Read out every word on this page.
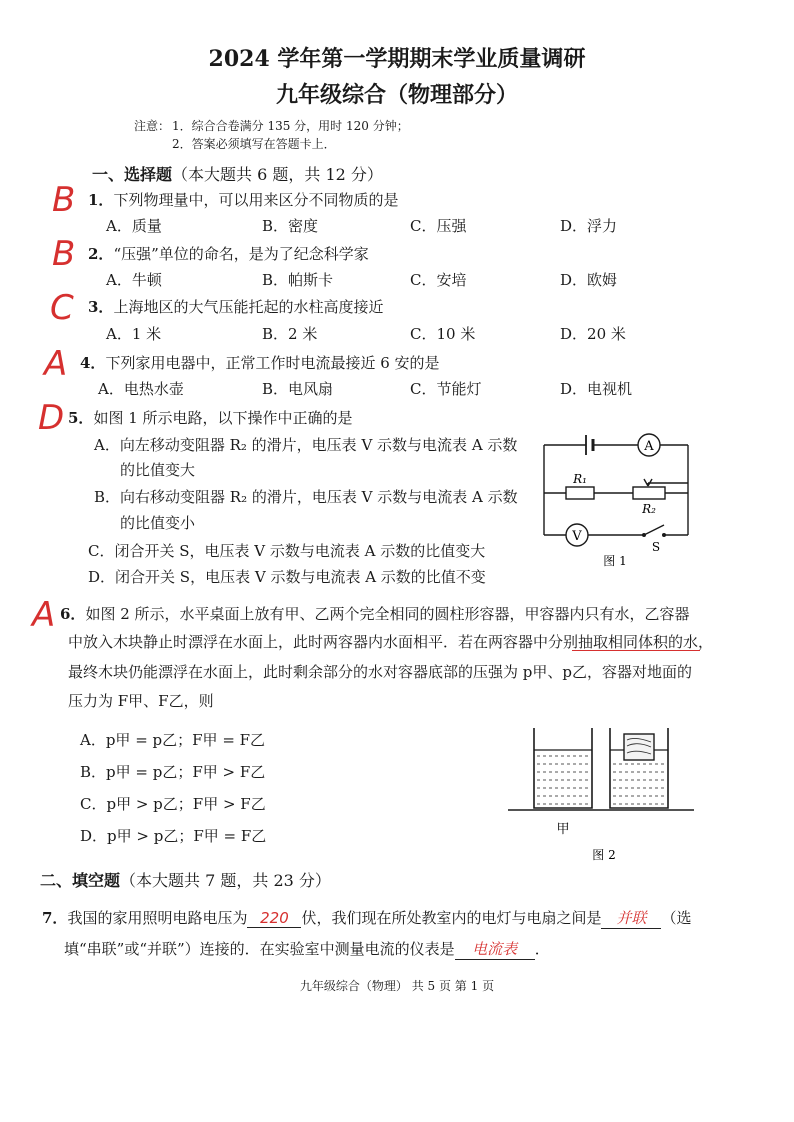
2024 学年第一学期期末学业质量调研
九年级综合（物理部分）
注意： 1．综合合卷满分 135 分，用时 120 分钟；
2．答案必须填写在答题卡上．
一、选择题（本大题共 6 题，共 12 分）
B 1．下列物理量中，可以用来区分不同物质的是
A．质量	B．密度	C．压强	D．浮力
B 2．“压强”单位的命名，是为了纪念科学家
A．牛顿	B．帕斯卡	C．安培	D．欧姆
C 3．上海地区的大气压能托起的水柱高度接近
A．1 米	B．2 米	C．10 米	D．20 米
A 4．下列家用电器中，正常工作时电流最接近 6 安的是
A．电热水壶	B．电风扇	C．节能灯	D．电视机
D 5．如图 1 所示电路，以下操作中正确的是
A．向左移动变阻器 R₂ 的滑片，电压表 V 示数与电流表 A 示数
的比值变大
B．向右移动变阻器 R₂ 的滑片，电压表 V 示数与电流表 A 示数
的比值变小
C．闭合开关 S，电压表 V 示数与电流表 A 示数的比值变大
D．闭合开关 S，电压表 V 示数与电流表 A 示数的比值不变
A
V
R₁
R₂
S
图 1
A 6．如图 2 所示，水平桌面上放有甲、乙两个完全相同的圆柱形容器，甲容器内只有水，乙容器
中放入木块静止时漂浮在水面上，此时两容器内水面相平．若在两容器中分别抽取相同体积的水，
最终木块仍能漂浮在水面上，此时剩余部分的水对容器底部的压强为 p甲、p乙，容器对地面的
压力为 F甲、F乙，则
A．p甲 = p乙；F甲 = F乙
B．p甲 = p乙；F甲 > F乙
C．p甲 > p乙；F甲 > F乙
D．p甲 > p乙；F甲 = F乙	甲
图 2
二、填空题（本大题共 7 题，共 23 分）
7．我国的家用照明电路电压为 220 伏，我们现在所处教室内的电灯与电扇之间是 并联 （选
填“串联”或“并联”）连接的．在实验室中测量电流的仪表是 电流表 ．
九年级综合（物理） 共 5 页 第 1 页
